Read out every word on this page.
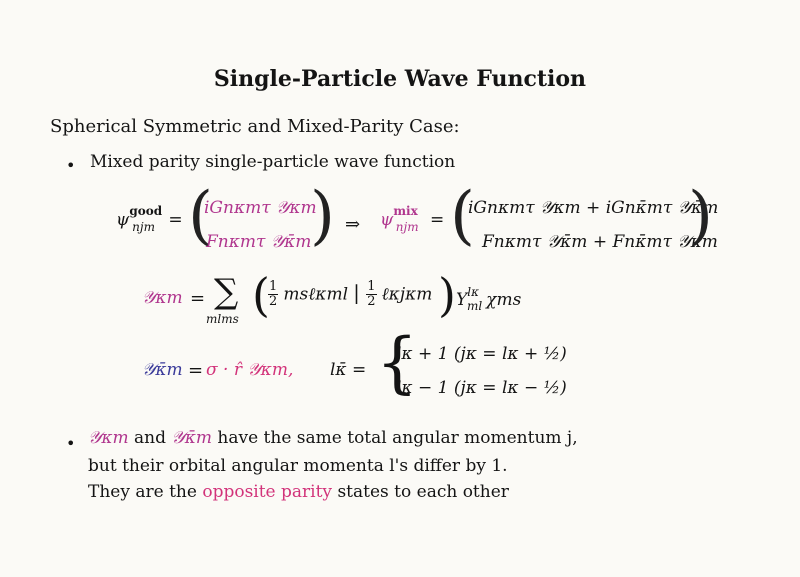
Single-Particle Wave Function
Spherical Symmetric and Mixed-Parity Case:
• Mixed parity single-particle wave function
$\psi^{good}_{njm}$ = (
iGnκmτ 𝒴κm
Fnκmτ 𝒴κ̄m
) ⇒ $\psi^{mix}_{njm}$ = (
iGnκmτ 𝒴κm + iGnκ̄mτ 𝒴κ̄m
Fnκmτ 𝒴κ̄m + Fnκ̄mτ 𝒴κm
)
𝒴κm = ∑
mlms (
$\frac{1}{2}$ msℓκml | $\frac{1}{2}$ ℓκjκm ) $Y^{l\kappa}_{ml}$ χms
𝒴κ̄m = σ · r̂ 𝒴κm, lκ̄ = {
lκ + 1 (jκ = lκ + ½)
lκ − 1 (jκ = lκ − ½)
• 𝒴κm and 𝒴κ̄m have the same total angular momentum j,
but their orbital angular momenta l's differ by 1.
They are the opposite parity states to each other
